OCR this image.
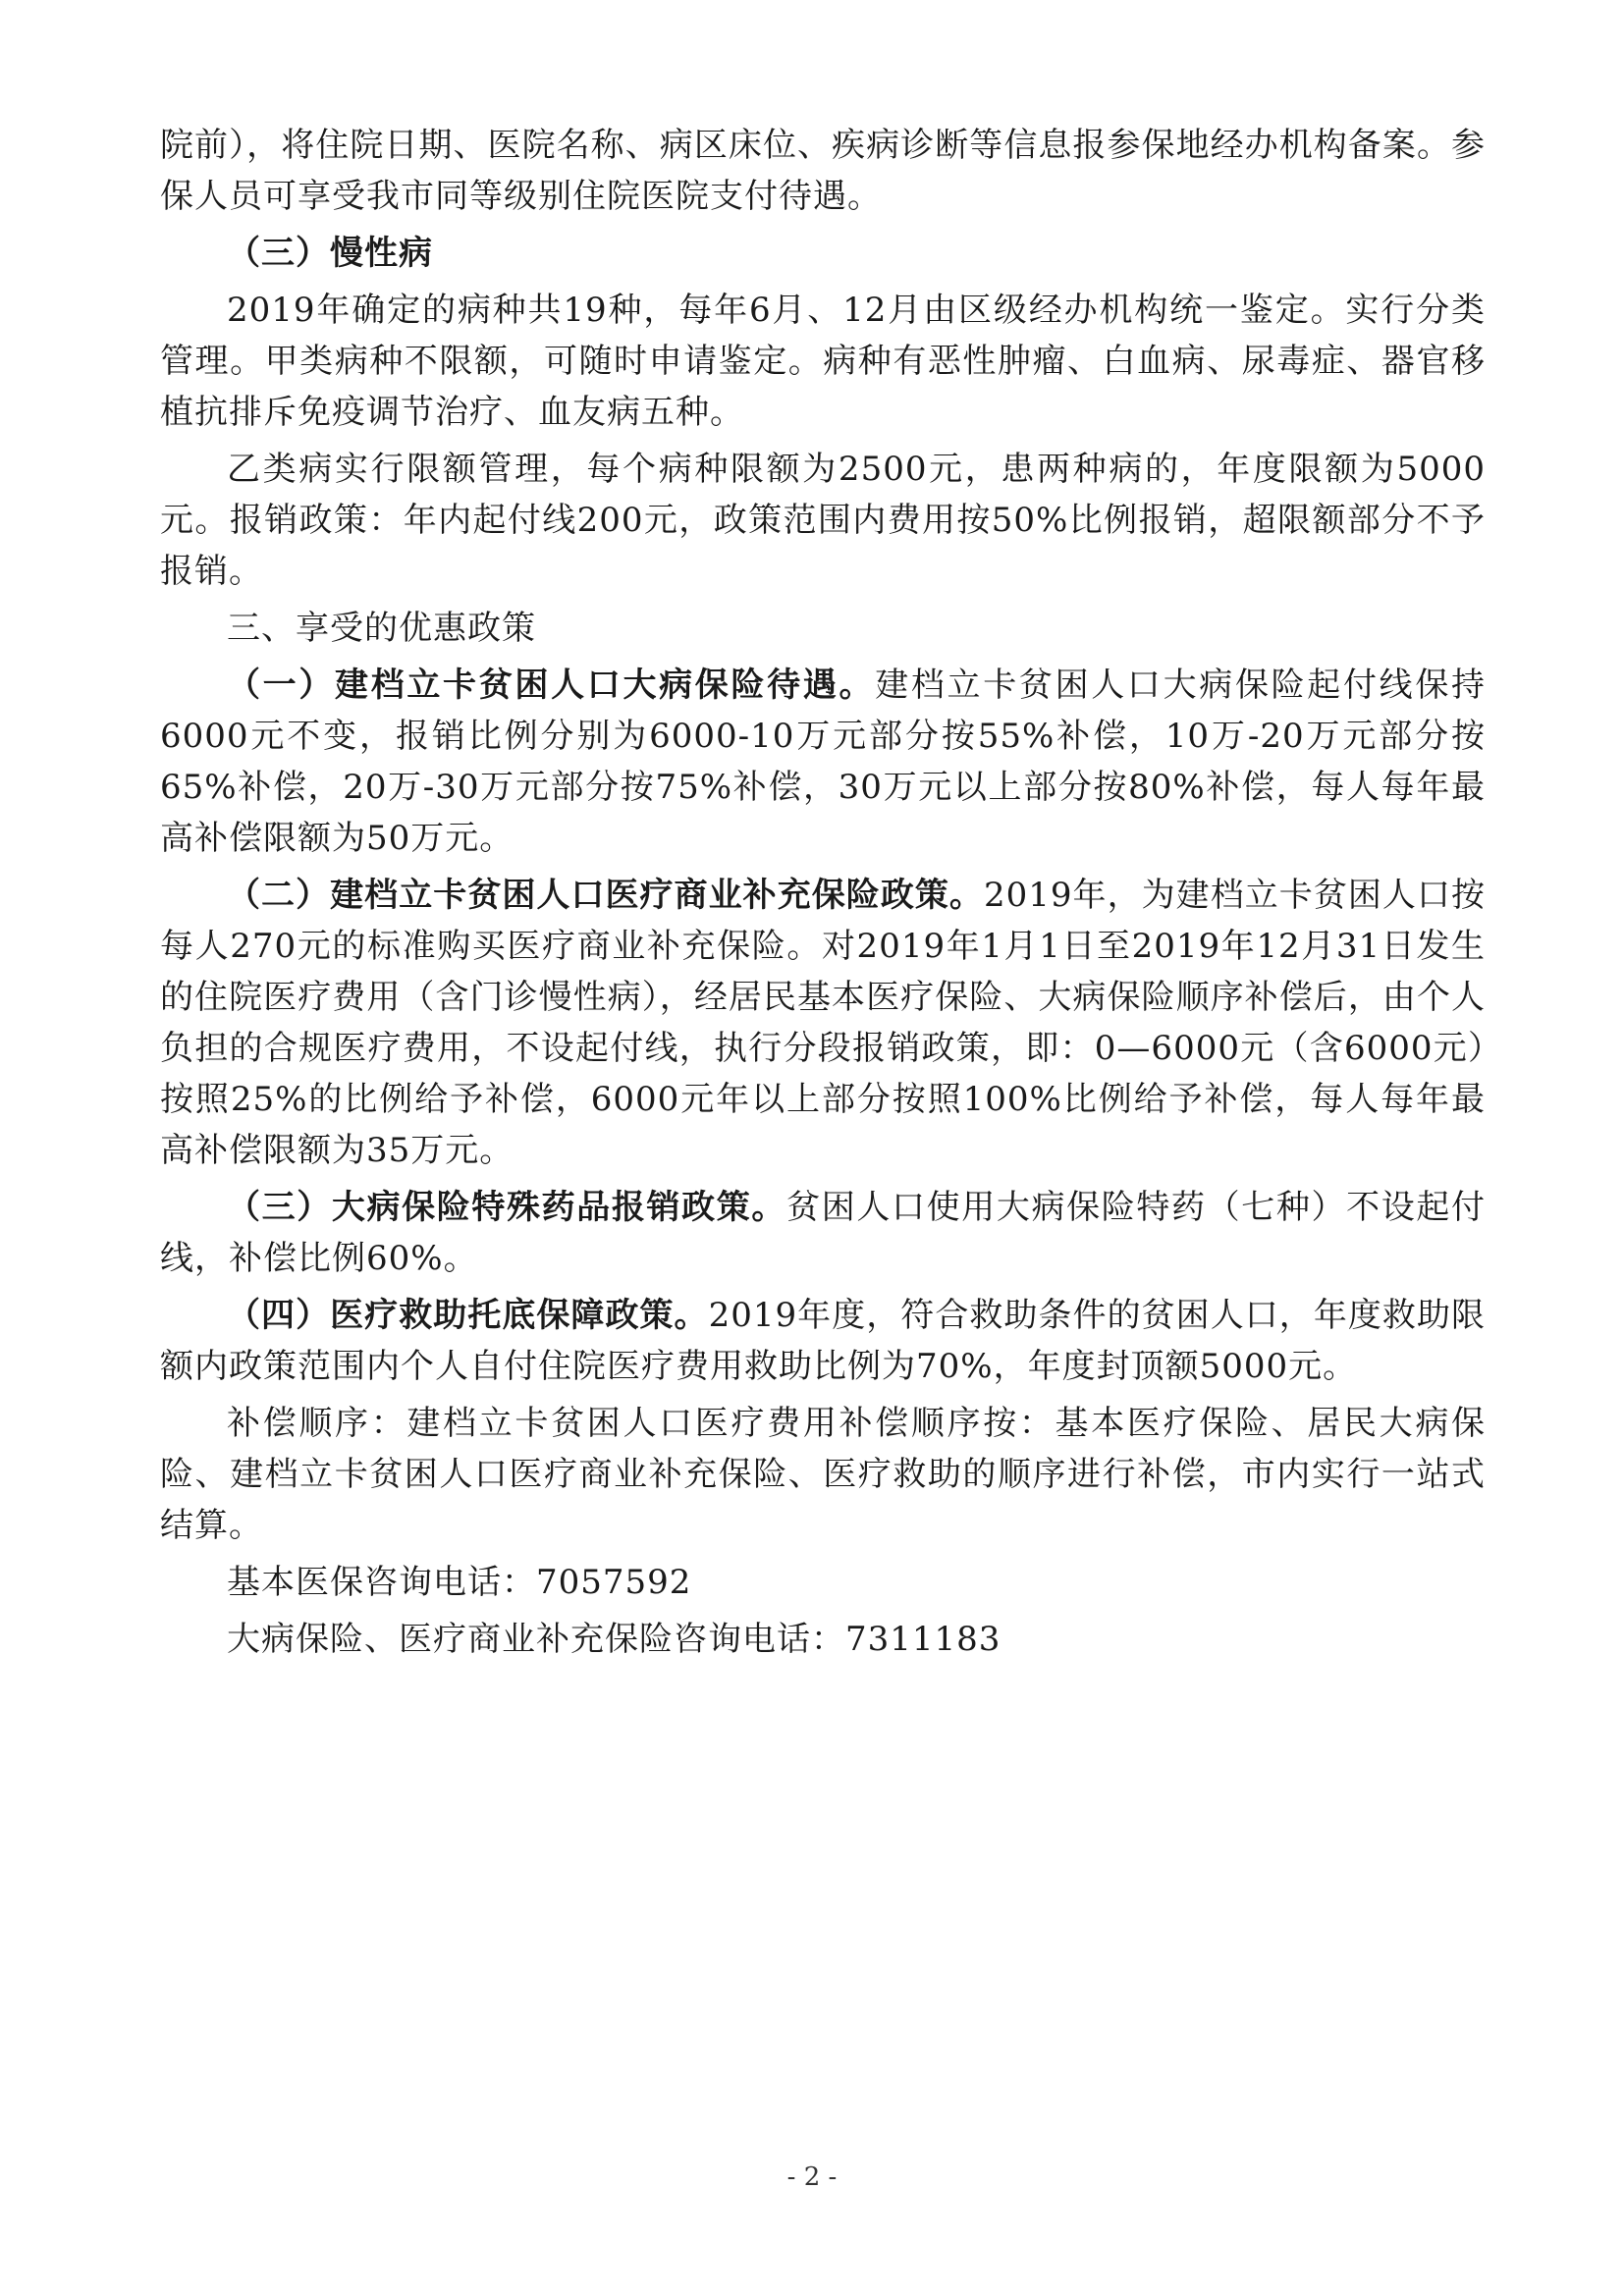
院前），将住院日期、医院名称、病区床位、疾病诊断等信息报参保地经办机构备案。参保人员可享受我市同等级别住院医院支付待遇。

（三）慢性病

2019年确定的病种共19种，每年6月、12月由区级经办机构统一鉴定。实行分类管理。甲类病种不限额，可随时申请鉴定。病种有恶性肿瘤、白血病、尿毒症、器官移植抗排斥免疫调节治疗、血友病五种。

乙类病实行限额管理，每个病种限额为2500元，患两种病的，年度限额为5000元。报销政策：年内起付线200元，政策范围内费用按50%比例报销，超限额部分不予报销。

三、享受的优惠政策

（一）建档立卡贫困人口大病保险待遇。建档立卡贫困人口大病保险起付线保持6000元不变，报销比例分别为6000-10万元部分按55%补偿，10万-20万元部分按65%补偿，20万-30万元部分按75%补偿，30万元以上部分按80%补偿，每人每年最高补偿限额为50万元。

（二）建档立卡贫困人口医疗商业补充保险政策。2019年，为建档立卡贫困人口按每人270元的标准购买医疗商业补充保险。对2019年1月1日至2019年12月31日发生的住院医疗费用（含门诊慢性病），经居民基本医疗保险、大病保险顺序补偿后，由个人负担的合规医疗费用，不设起付线，执行分段报销政策，即：0—6000元（含6000元）按照25%的比例给予补偿，6000元年以上部分按照100%比例给予补偿，每人每年最高补偿限额为35万元。

（三）大病保险特殊药品报销政策。贫困人口使用大病保险特药（七种）不设起付线，补偿比例60%。

（四）医疗救助托底保障政策。2019年度，符合救助条件的贫困人口，年度救助限额内政策范围内个人自付住院医疗费用救助比例为70%，年度封顶额5000元。

补偿顺序：建档立卡贫困人口医疗费用补偿顺序按：基本医疗保险、居民大病保险、建档立卡贫困人口医疗商业补充保险、医疗救助的顺序进行补偿，市内实行一站式结算。

基本医保咨询电话：7057592

大病保险、医疗商业补充保险咨询电话：7311183

- 2 -
